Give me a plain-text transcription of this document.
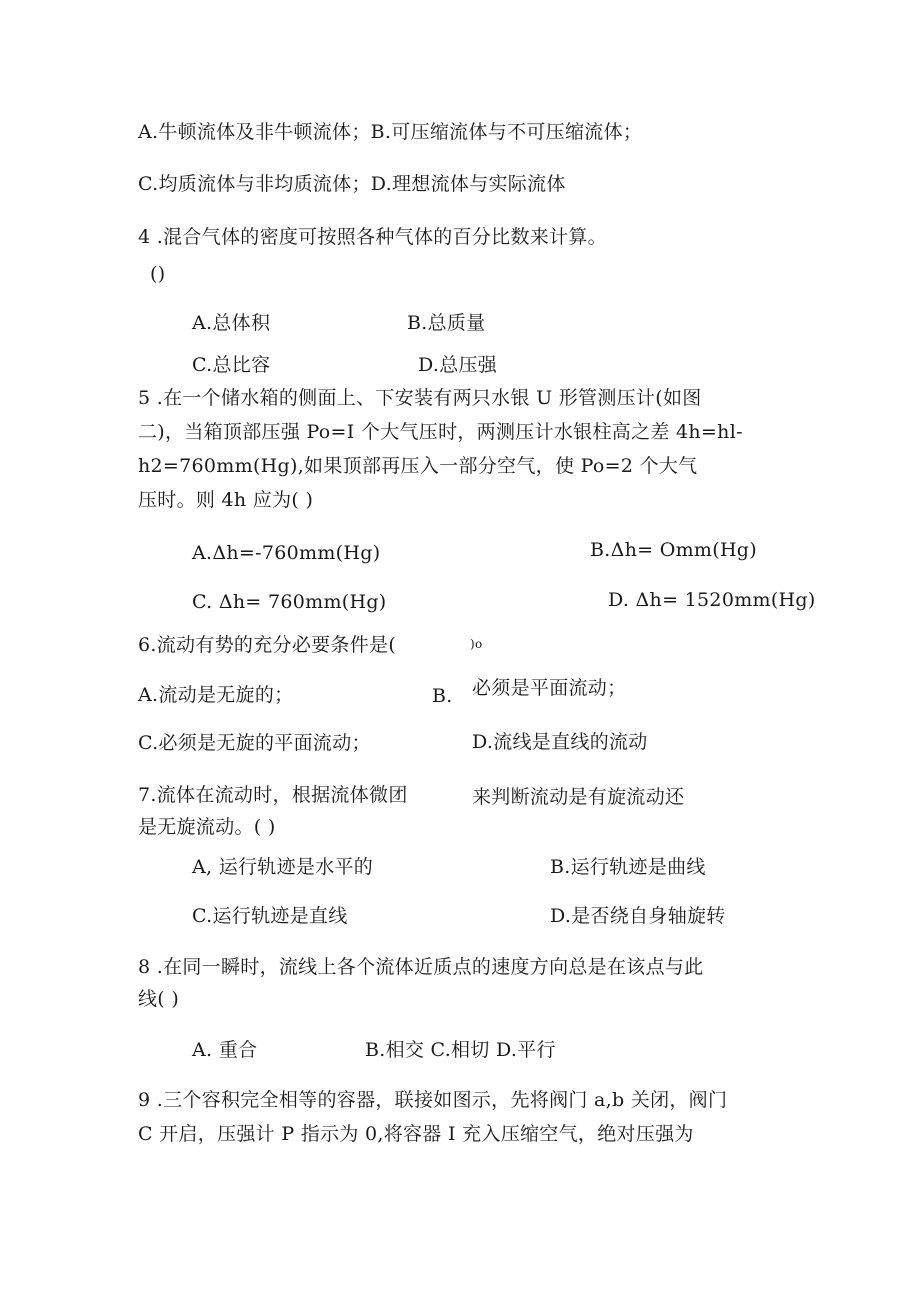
A.牛顿流体及非牛顿流体；B.可压缩流体与不可压缩流体；
C.均质流体与非均质流体；D.理想流体与实际流体
4 .混合气体的密度可按照各种气体的百分比数来计算。
()
A.总体积	B.总质量
C.总比容	D.总压强
5 .在一个储水箱的侧面上、下安装有两只水银 U 形管测压计(如图
二)，当箱顶部压强 Po=I 个大气压时，两测压计水银柱高之差 4h=hl-
h2=760mm(Hg),如果顶部再压入一部分空气，使 Po=2 个大气
压时。则 4h 应为( )
A.Δh=-760mm(Hg)	B.Δh= Omm(Hg)
C. Δh= 760mm(Hg)	D. Δh= 1520mm(Hg)
6.流动有势的充分必要条件是(	)o
A.流动是无旋的；	B. 必须是平面流动；
C.必须是无旋的平面流动；	D.流线是直线的流动
7.流体在流动时，根据流体微团	来判断流动是有旋流动还
是无旋流动。( )
A, 运行轨迹是水平的	B.运行轨迹是曲线
C.运行轨迹是直线	D.是否绕自身轴旋转
8 .在同一瞬时，流线上各个流体近质点的速度方向总是在该点与此
线( )
A. 重合	B.相交 C.相切 D.平行
9 .三个容积完全相等的容器，联接如图示，先将阀门 a,b 关闭，阀门
C 开启，压强计 P 指示为 0,将容器 I 充入压缩空气，绝对压强为
